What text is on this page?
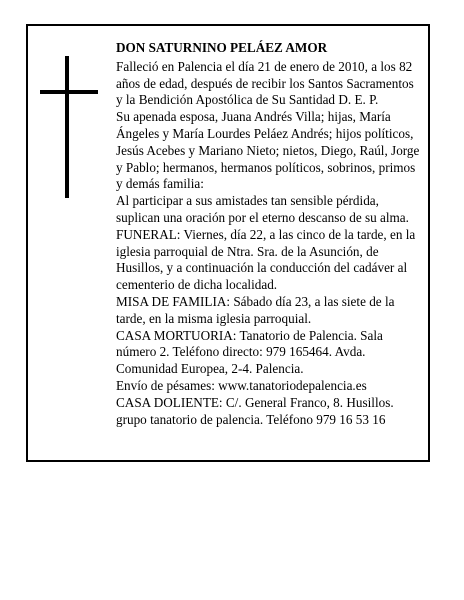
DON SATURNINO PELÁEZ AMOR

Falleció en Palencia el día 21 de enero de 2010, a los 82 años de edad, después de recibir los Santos Sacramentos y la Bendición Apostólica de Su Santidad D. E. P.

Su apenada esposa, Juana Andrés Villa; hijas, María Ángeles y María Lourdes Peláez Andrés; hijos políticos, Jesús Acebes y Mariano Nieto; nietos, Diego, Raúl, Jorge y Pablo; hermanos, hermanos políticos, sobrinos, primos y demás familia:

Al participar a sus amistades tan sensible pérdida, suplican una oración por el eterno descanso de su alma.

FUNERAL: Viernes, día 22, a las cinco de la tarde, en la iglesia parroquial de Ntra. Sra. de la Asunción, de Husillos, y a continuación la conducción del cadáver al cementerio de dicha localidad.

MISA DE FAMILIA: Sábado día 23, a las siete de la tarde, en la misma iglesia parroquial.

CASA MORTUORIA: Tanatorio de Palencia. Sala número 2. Teléfono directo: 979 165464. Avda. Comunidad Europea, 2-4. Palencia.

Envío de pésames: www.tanatoriodepalencia.es

CASA DOLIENTE: C/. General Franco, 8. Husillos.

grupo tanatorio de palencia. Teléfono 979 16 53 16
